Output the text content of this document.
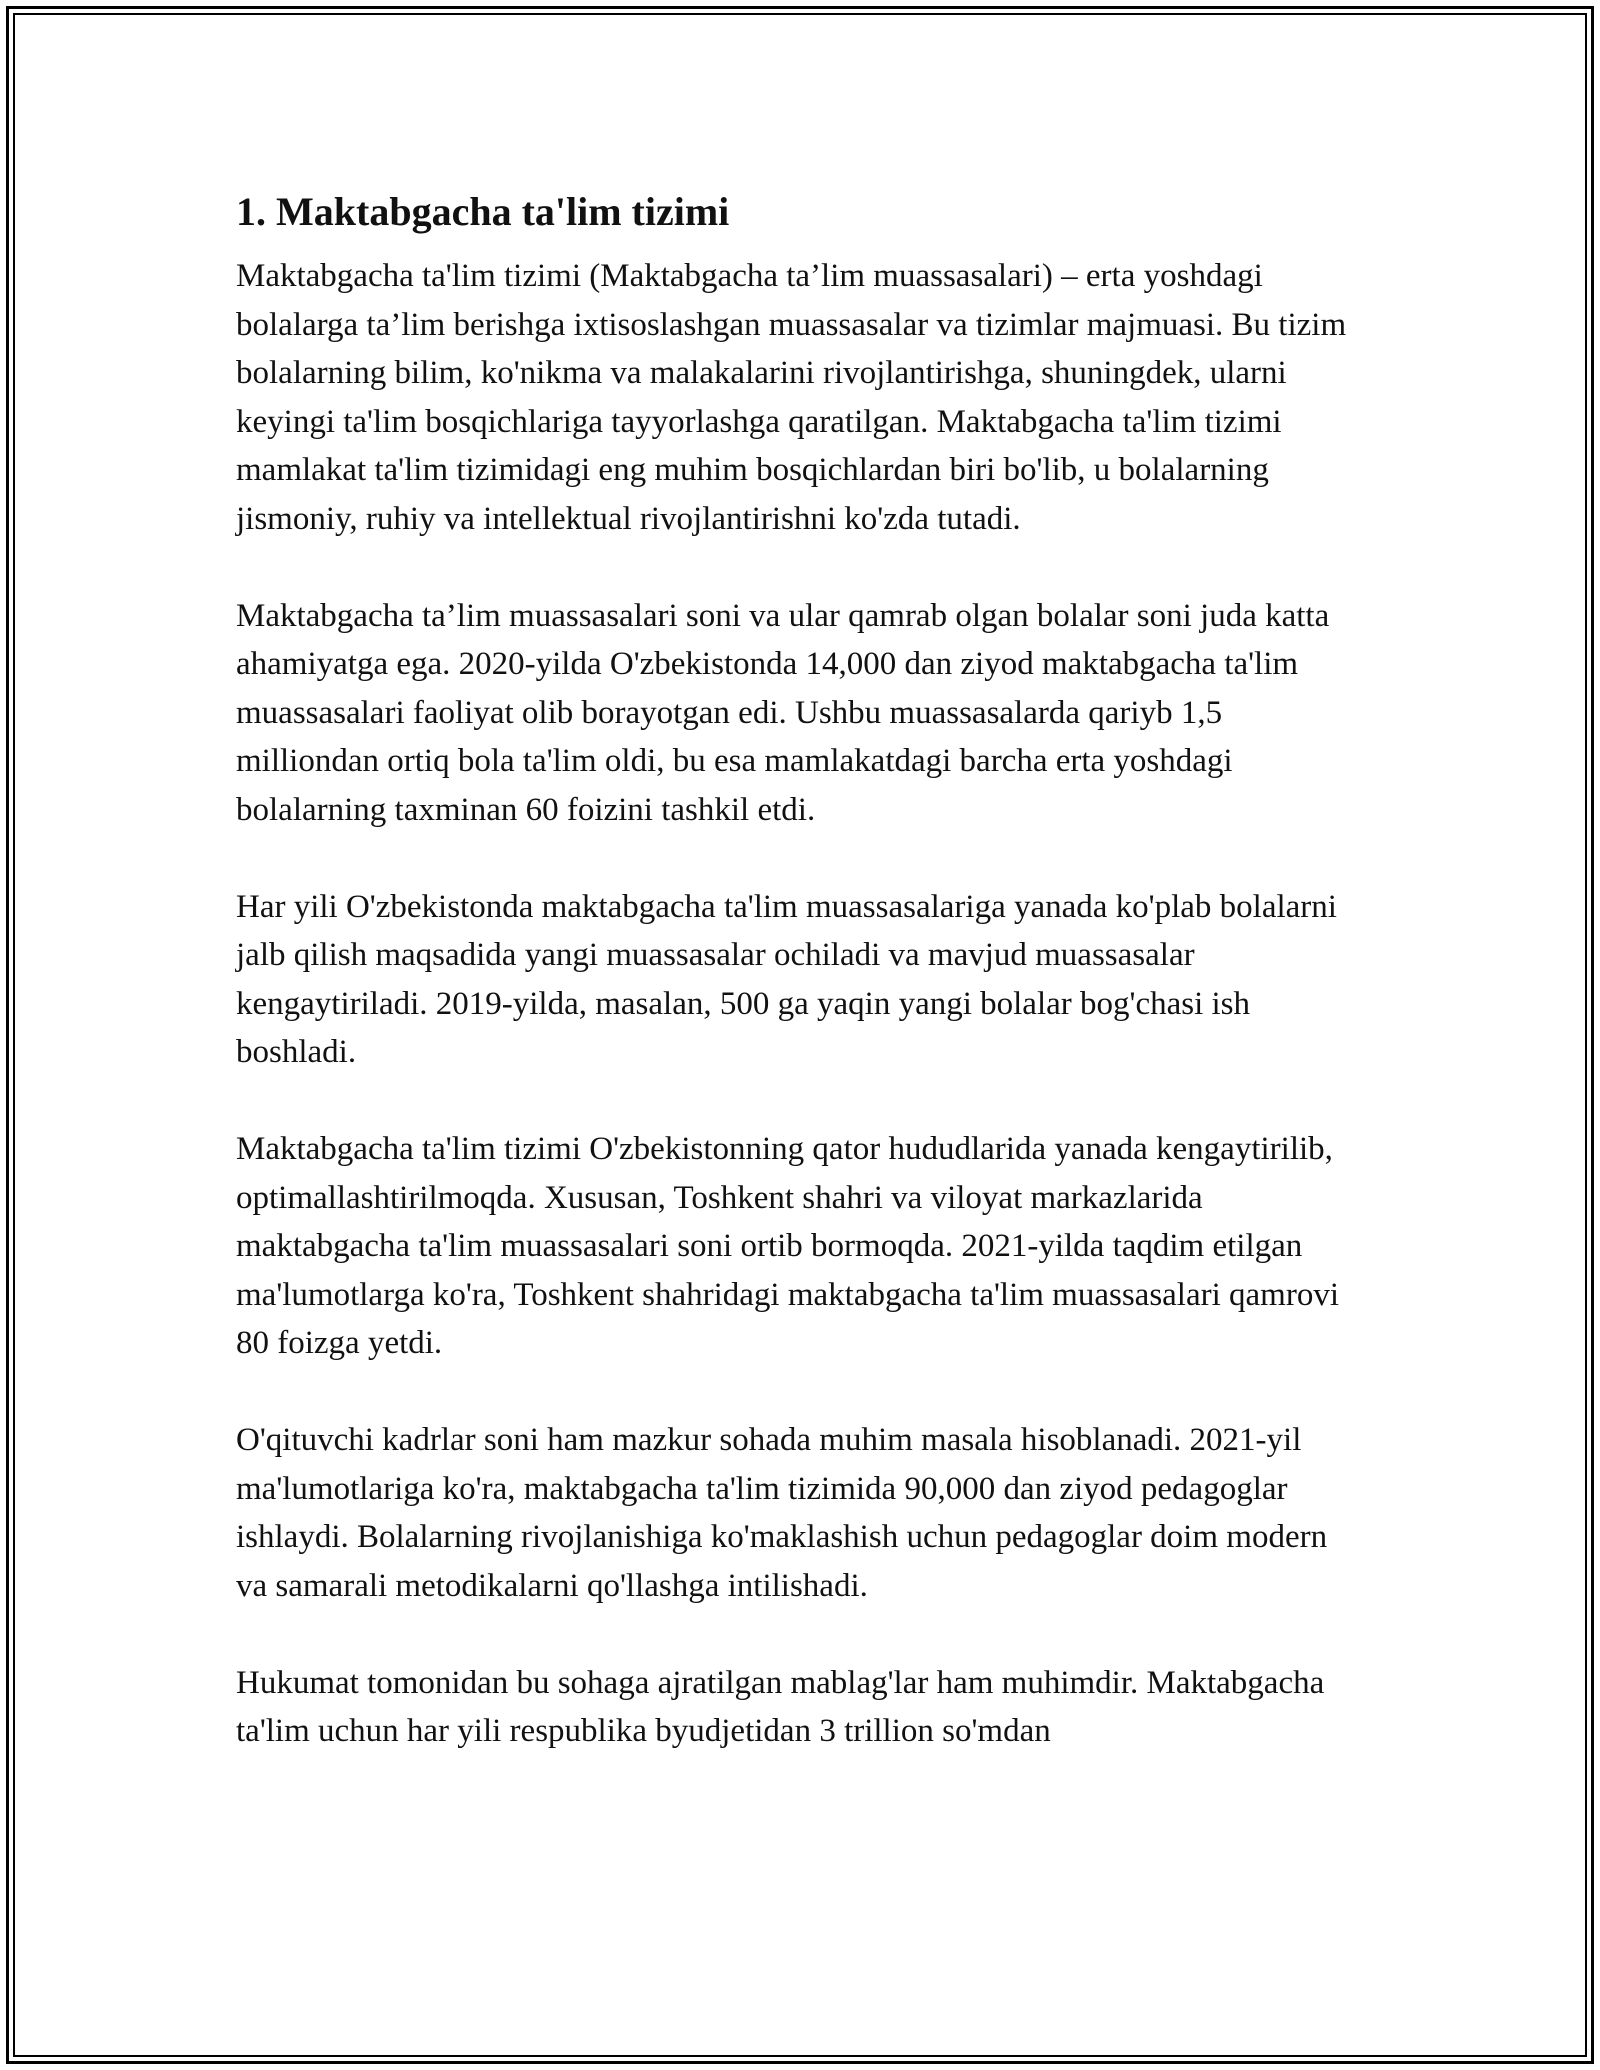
1. Maktabgacha ta'lim tizimi

Maktabgacha ta'lim tizimi (Maktabgacha ta’lim muassasalari) – erta yoshdagi bolalarga ta’lim berishga ixtisoslashgan muassasalar va tizimlar majmuasi. Bu tizim bolalarning bilim, ko'nikma va malakalarini rivojlantirishga, shuningdek, ularni keyingi ta'lim bosqichlariga tayyorlashga qaratilgan. Maktabgacha ta'lim tizimi mamlakat ta'lim tizimidagi eng muhim bosqichlardan biri bo'lib, u bolalarning jismoniy, ruhiy va intellektual rivojlantirishni ko'zda tutadi.

Maktabgacha ta’lim muassasalari soni va ular qamrab olgan bolalar soni juda katta ahamiyatga ega. 2020-yilda O'zbekistonda 14,000 dan ziyod maktabgacha ta'lim muassasalari faoliyat olib borayotgan edi. Ushbu muassasalarda qariyb 1,5 milliondan ortiq bola ta'lim oldi, bu esa mamlakatdagi barcha erta yoshdagi bolalarning taxminan 60 foizini tashkil etdi.

Har yili O'zbekistonda maktabgacha ta'lim muassasalariga yanada ko'plab bolalarni jalb qilish maqsadida yangi muassasalar ochiladi va mavjud muassasalar kengaytiriladi. 2019-yilda, masalan, 500 ga yaqin yangi bolalar bog'chasi ish boshladi.

Maktabgacha ta'lim tizimi O'zbekistonning qator hududlarida yanada kengaytirilib, optimallashtirilmoqda. Xususan, Toshkent shahri va viloyat markazlarida maktabgacha ta'lim muassasalari soni ortib bormoqda. 2021-yilda taqdim etilgan ma'lumotlarga ko'ra, Toshkent shahridagi maktabgacha ta'lim muassasalari qamrovi 80 foizga yetdi.

O'qituvchi kadrlar soni ham mazkur sohada muhim masala hisoblanadi. 2021-yil ma'lumotlariga ko'ra, maktabgacha ta'lim tizimida 90,000 dan ziyod pedagoglar ishlaydi. Bolalarning rivojlanishiga ko'maklashish uchun pedagoglar doim modern va samarali metodikalarni qo'llashga intilishadi.

Hukumat tomonidan bu sohaga ajratilgan mablag'lar ham muhimdir. Maktabgacha ta'lim uchun har yili respublika byudjetidan 3 trillion so'mdan
